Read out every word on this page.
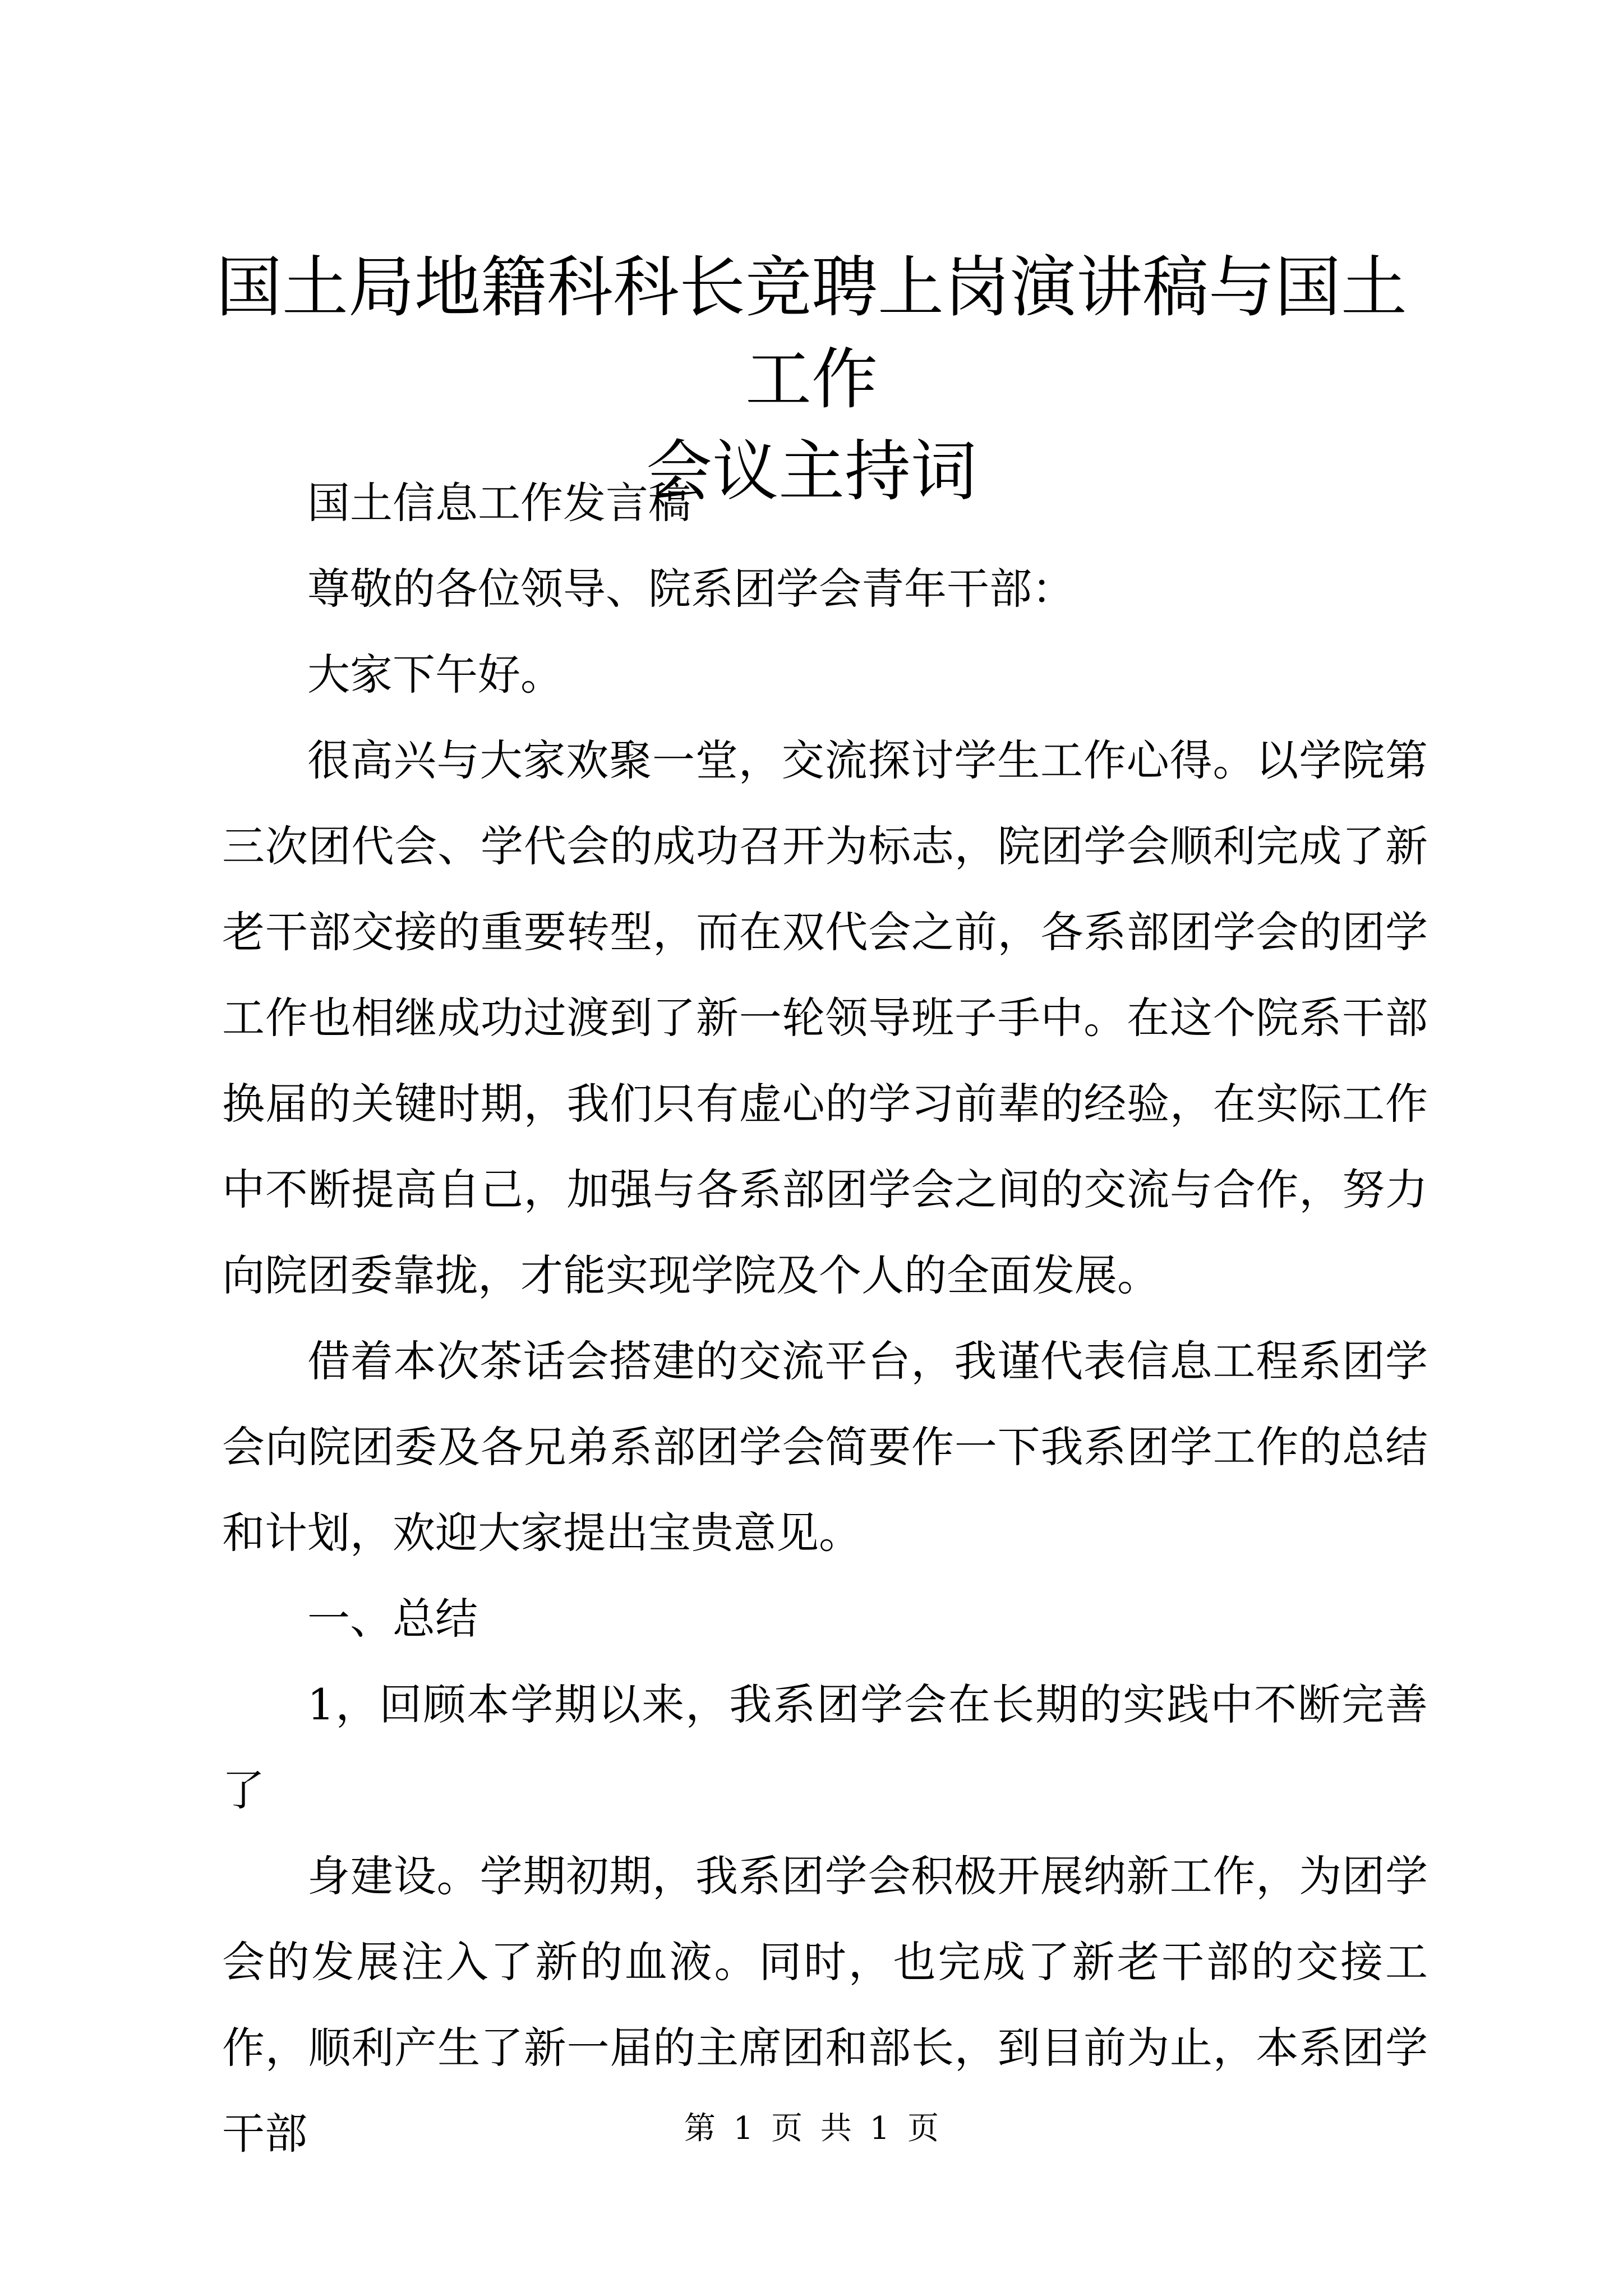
国土局地籍科科长竞聘上岗演讲稿与国土工作
会议主持词

国土信息工作发言稿

尊敬的各位领导、院系团学会青年干部：

大家下午好。

很高兴与大家欢聚一堂，交流探讨学生工作心得。以学院第三次团代会、学代会的成功召开为标志，院团学会顺利完成了新老干部交接的重要转型，而在双代会之前，各系部团学会的团学工作也相继成功过渡到了新一轮领导班子手中。在这个院系干部换届的关键时期，我们只有虚心的学习前辈的经验，在实际工作中不断提高自己，加强与各系部团学会之间的交流与合作，努力向院团委靠拢，才能实现学院及个人的全面发展。

借着本次茶话会搭建的交流平台，我谨代表信息工程系团学会向院团委及各兄弟系部团学会简要作一下我系团学工作的总结和计划，欢迎大家提出宝贵意见。

一、总结

1，回顾本学期以来，我系团学会在长期的实践中不断完善了

身建设。学期初期，我系团学会积极开展纳新工作，为团学会的发展注入了新的血液。同时，也完成了新老干部的交接工作，顺利产生了新一届的主席团和部长，到目前为止，本系团学干部	第 1 页 共 1 页
